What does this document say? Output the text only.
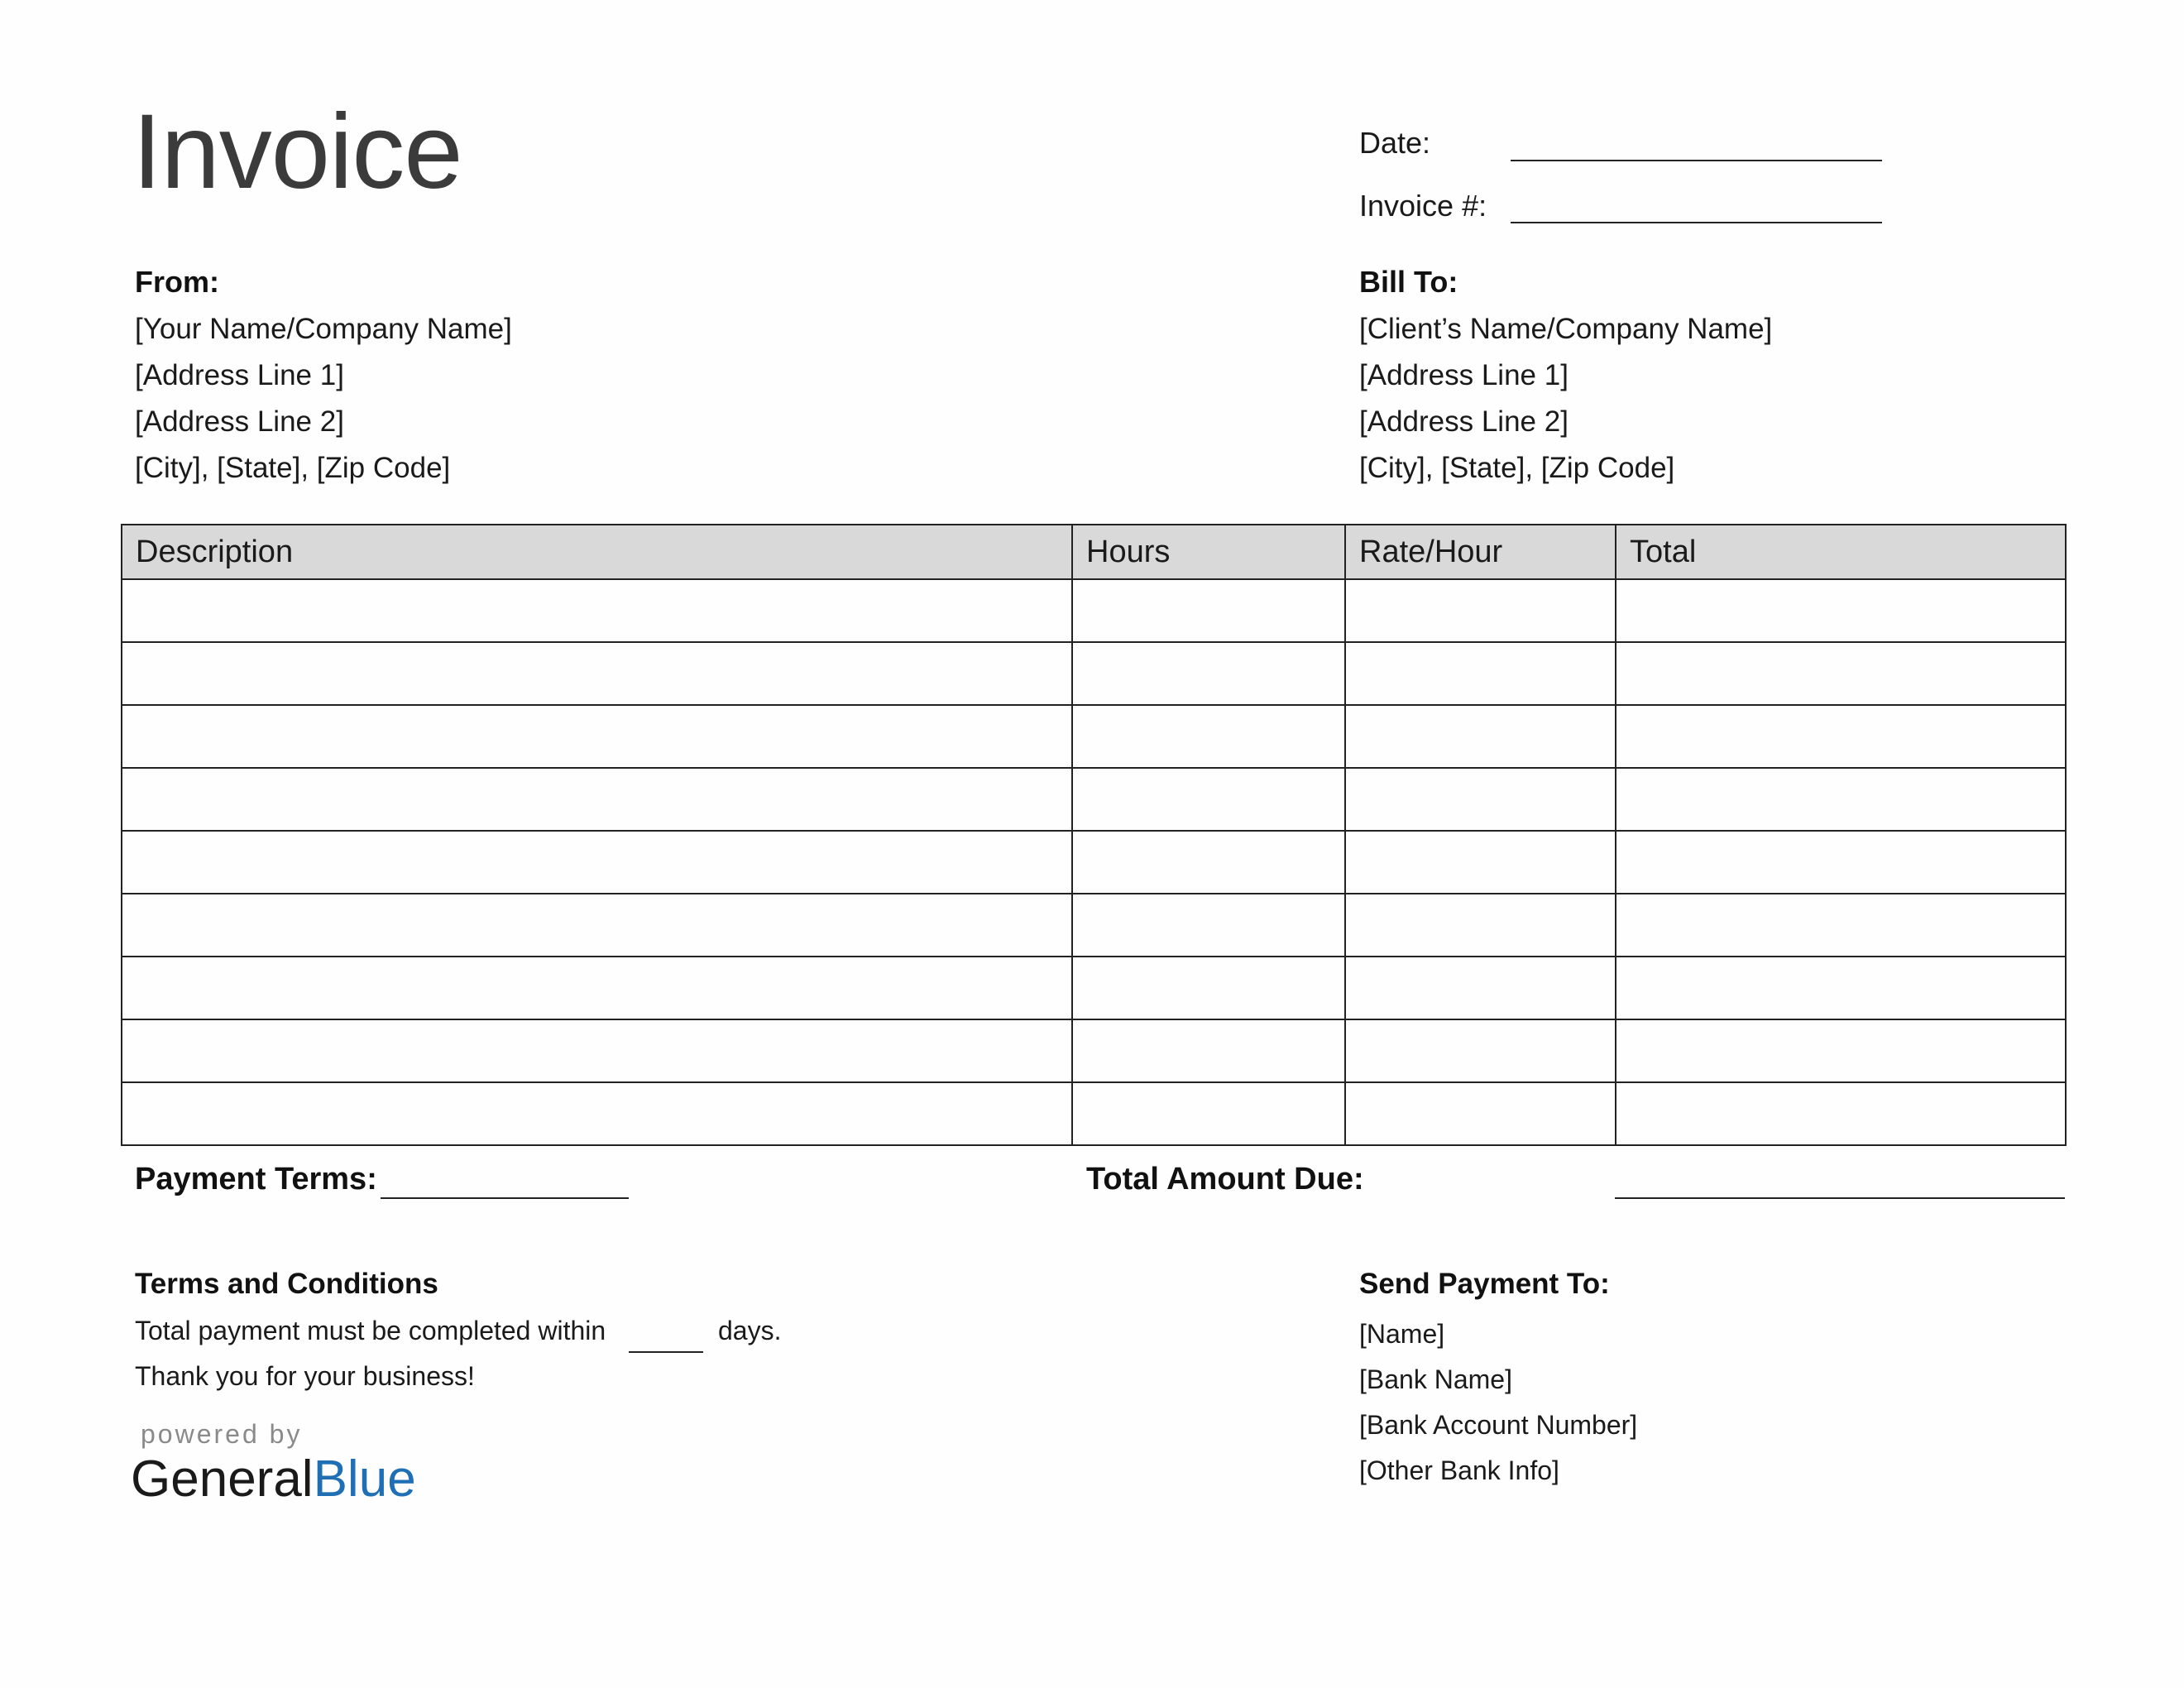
Invoice	Date:
Invoice #:
From:
[Your Name/Company Name]
[Address Line 1]
[Address Line 2]
[City], [State], [Zip Code]
Bill To:
[Client’s Name/Company Name]
[Address Line 1]
[Address Line 2]
[City], [State], [Zip Code]
Description	Hours	Rate/Hour	Total

Payment Terms:	Total Amount Due:
Terms and Conditions
Total payment must be completed within	days.
Thank you for your business!
Send Payment To:
[Name]
[Bank Name]
[Bank Account Number]
[Other Bank Info]
powered by
GeneralBlue
